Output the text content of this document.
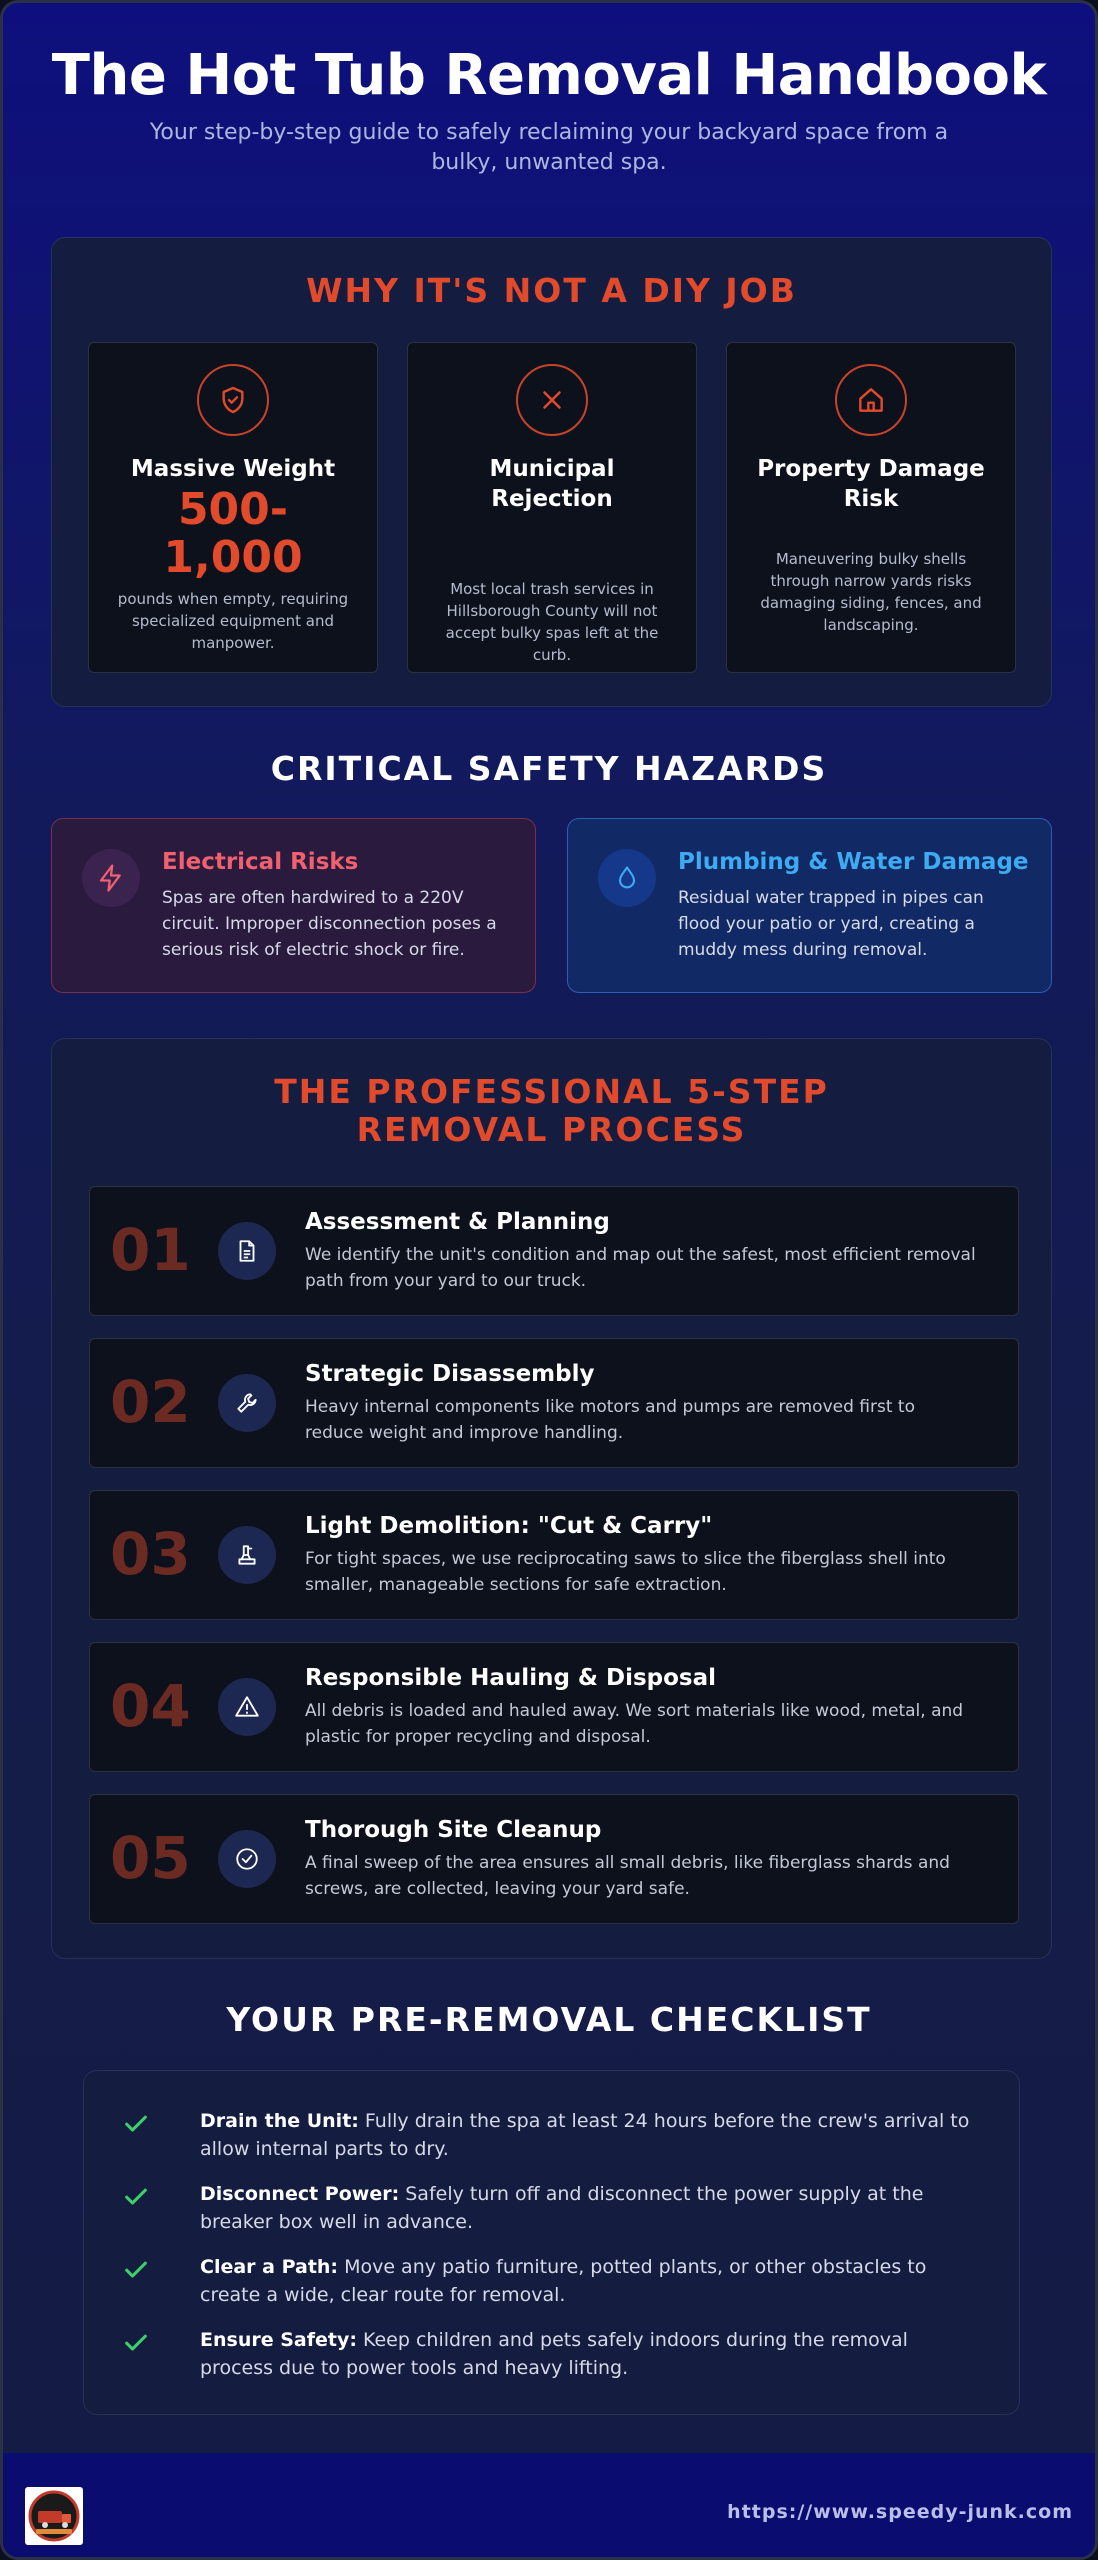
The Hot Tub Removal Handbook

Your step-by-step guide to safely reclaiming your backyard space from a bulky, unwanted spa.

WHY IT'S NOT A DIY JOB
Massive Weight
500-1,000
pounds when empty, requiring specialized equipment and manpower.
Municipal Rejection
Most local trash services in Hillsborough County will not accept bulky spas left at the curb.
Property Damage Risk
Maneuvering bulky shells through narrow yards risks damaging siding, fences, and landscaping.
CRITICAL SAFETY HAZARDS
Electrical Risks
Spas are often hardwired to a 220V circuit. Improper disconnection poses a serious risk of electric shock or fire.
Plumbing & Water Damage
Residual water trapped in pipes can flood your patio or yard, creating a muddy mess during removal.
THE PROFESSIONAL 5-STEP REMOVAL PROCESS
01	Assessment & Planning
We identify the unit's condition and map out the safest, most efficient removal path from your yard to our truck.
02	Strategic Disassembly
Heavy internal components like motors and pumps are removed first to reduce weight and improve handling.
03	Light Demolition: "Cut & Carry"
For tight spaces, we use reciprocating saws to slice the fiberglass shell into smaller, manageable sections for safe extraction.
04	Responsible Hauling & Disposal
All debris is loaded and hauled away. We sort materials like wood, metal, and plastic for proper recycling and disposal.
05	Thorough Site Cleanup
A final sweep of the area ensures all small debris, like fiberglass shards and screws, are collected, leaving your yard safe.
YOUR PRE-REMOVAL CHECKLIST
Drain the Unit: Fully drain the spa at least 24 hours before the crew's arrival to allow internal parts to dry.
Disconnect Power: Safely turn off and disconnect the power supply at the breaker box well in advance.
Clear a Path: Move any patio furniture, potted plants, or other obstacles to create a wide, clear route for removal.
Ensure Safety: Keep children and pets safely indoors during the removal process due to power tools and heavy lifting.
https://www.speedy-junk.com
